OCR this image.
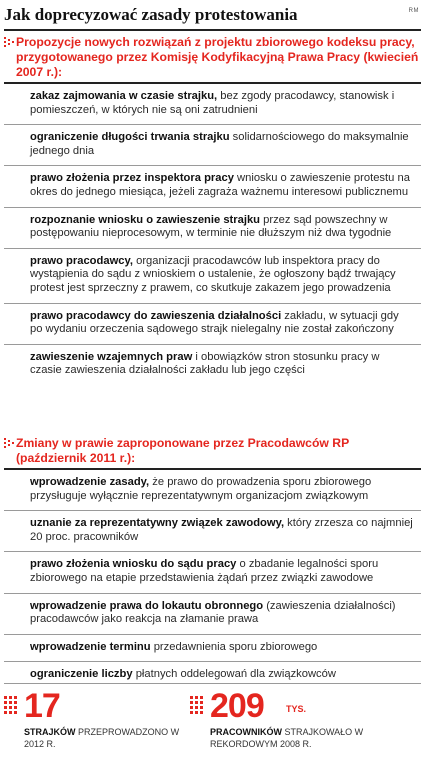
Jak doprecyzować zasady protestowania	RM
Propozycje nowych rozwiązań z projektu zbiorowego kodeksu pracy, przygotowanego przez Komisję Kodyfikacyjną Prawa Pracy (kwiecień 2007 r.):
zakaz zajmowania w czasie strajku, bez zgody pracodawcy, stanowisk i pomieszczeń, w których nie są oni zatrudnieni
ograniczenie długości trwania strajku solidarnościowego do maksymalnie jednego dnia
prawo złożenia przez inspektora pracy wniosku o zawieszenie protestu na okres do jednego miesiąca, jeżeli zagraża ważnemu interesowi publicznemu
rozpoznanie wniosku o zawieszenie strajku przez sąd powszechny w postępowaniu nieprocesowym, w terminie nie dłuższym niż dwa tygodnie
prawo pracodawcy, organizacji pracodawców lub inspektora pracy do wystąpienia do sądu z wnioskiem o ustalenie, że ogłoszony bądź trwający protest jest sprzeczny z prawem, co skutkuje zakazem jego prowadzenia
prawo pracodawcy do zawieszenia działalności zakładu, w sytuacji gdy po wydaniu orzeczenia sądowego strajk nielegalny nie został zakończony
zawieszenie wzajemnych praw i obowiązków stron stosunku pracy w czasie zawieszenia działalności zakładu lub jego części
Zmiany w prawie zaproponowane przez Pracodawców RP (październik 2011 r.):
wprowadzenie zasady, że prawo do prowadzenia sporu zbiorowego przysługuje wyłącznie reprezentatywnym organizacjom związkowym
uznanie za reprezentatywny związek zawodowy, który zrzesza co najmniej 20 proc. pracowników
prawo złożenia wniosku do sądu pracy o zbadanie legalności sporu zbiorowego na etapie przedstawienia żądań przez związki zawodowe
wprowadzenie prawa do lokautu obronnego (zawieszenia działalności) pracodawców jako reakcja na złamanie prawa
wprowadzenie terminu przedawnienia sporu zbiorowego
ograniczenie liczby płatnych oddelegowań dla związkowców
17
STRAJKÓW PRZEPROWADZONO W 2012 R.
209 TYS.
PRACOWNIKÓW STRAJKOWAŁO W REKORDOWYM 2008 R.
